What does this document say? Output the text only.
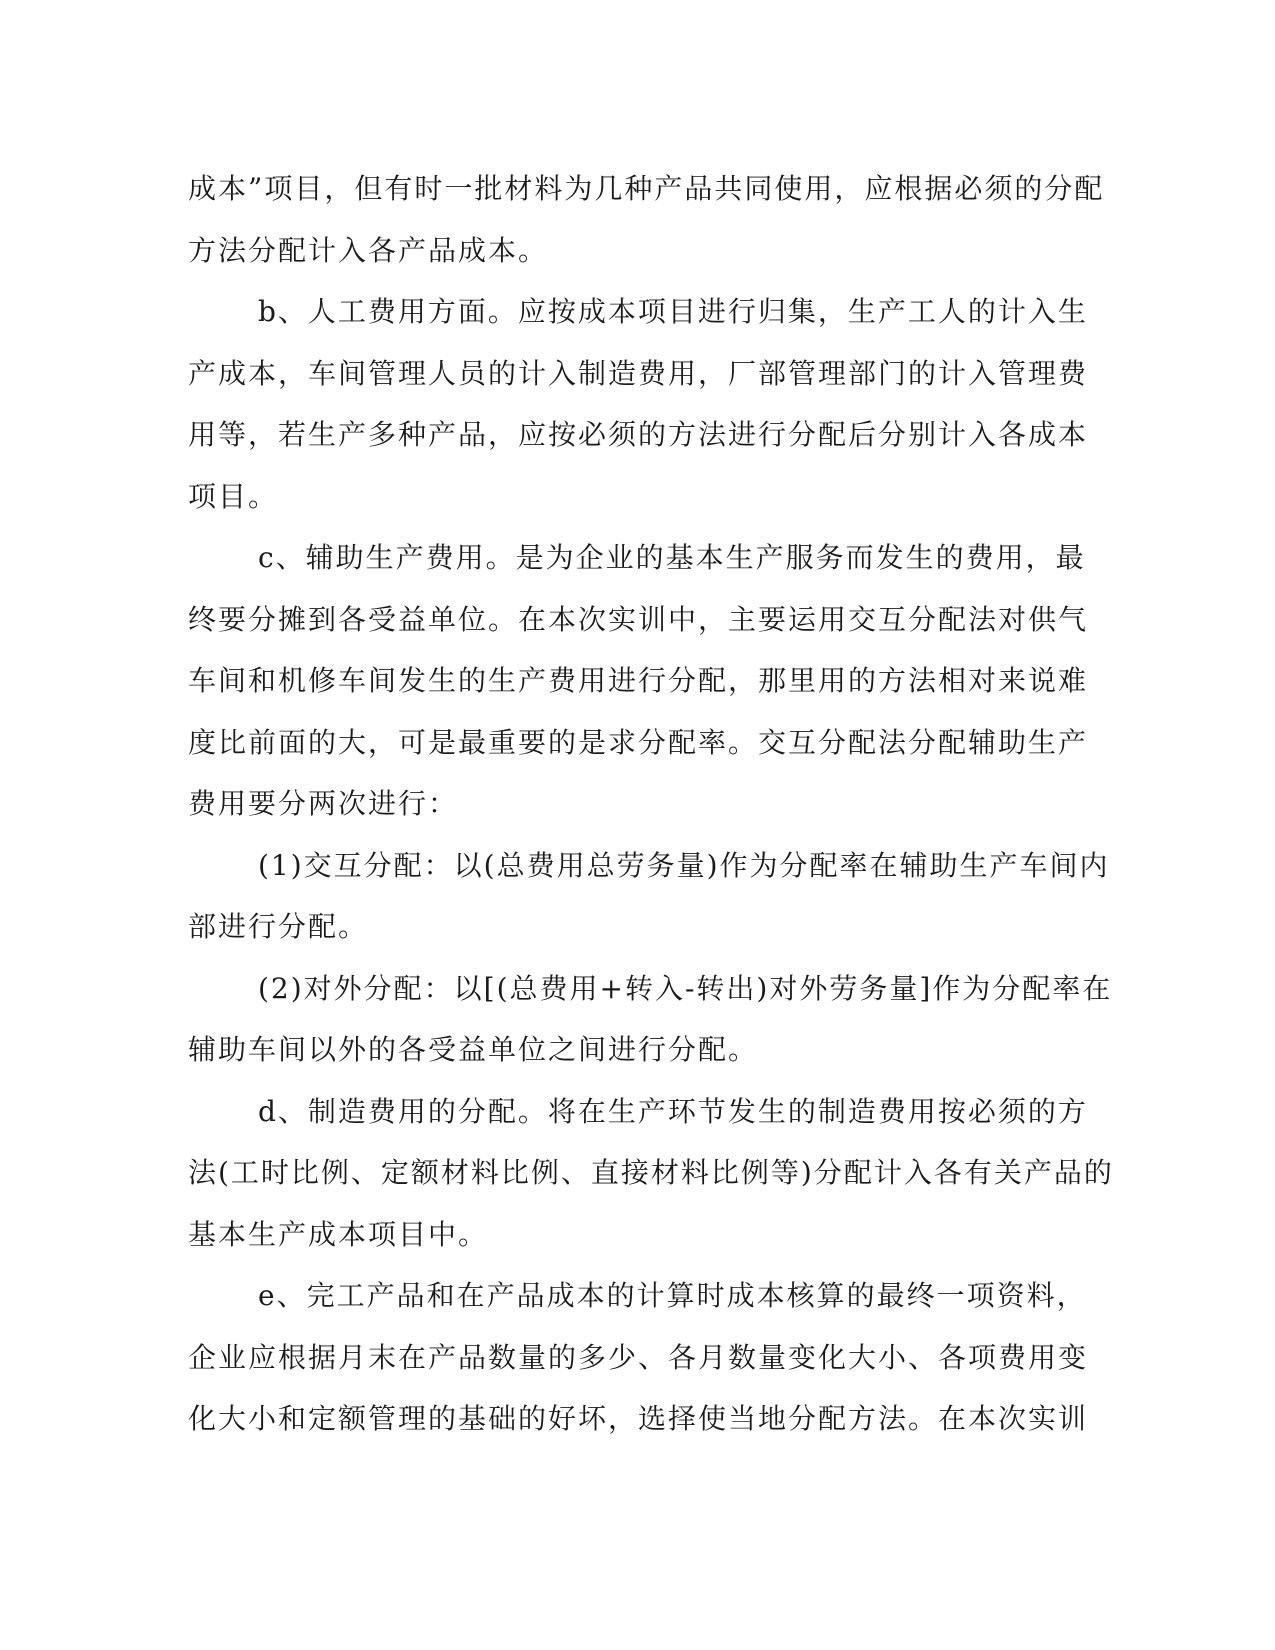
成本”项目，但有时一批材料为几种产品共同使用，应根据必须的分配
方法分配计入各产品成本。

b、人工费用方面。应按成本项目进行归集，生产工人的计入生
产成本，车间管理人员的计入制造费用，厂部管理部门的计入管理费
用等，若生产多种产品，应按必须的方法进行分配后分别计入各成本
项目。

c、辅助生产费用。是为企业的基本生产服务而发生的费用，最
终要分摊到各受益单位。在本次实训中，主要运用交互分配法对供气
车间和机修车间发生的生产费用进行分配，那里用的方法相对来说难
度比前面的大，可是最重要的是求分配率。交互分配法分配辅助生产
费用要分两次进行：

(1)交互分配：以(总费用总劳务量)作为分配率在辅助生产车间内
部进行分配。

(2)对外分配：以[(总费用+转入-转出)对外劳务量]作为分配率在
辅助车间以外的各受益单位之间进行分配。

d、制造费用的分配。将在生产环节发生的制造费用按必须的方
法(工时比例、定额材料比例、直接材料比例等)分配计入各有关产品的
基本生产成本项目中。

e、完工产品和在产品成本的计算时成本核算的最终一项资料，
企业应根据月末在产品数量的多少、各月数量变化大小、各项费用变
化大小和定额管理的基础的好坏，选择使当地分配方法。在本次实训
